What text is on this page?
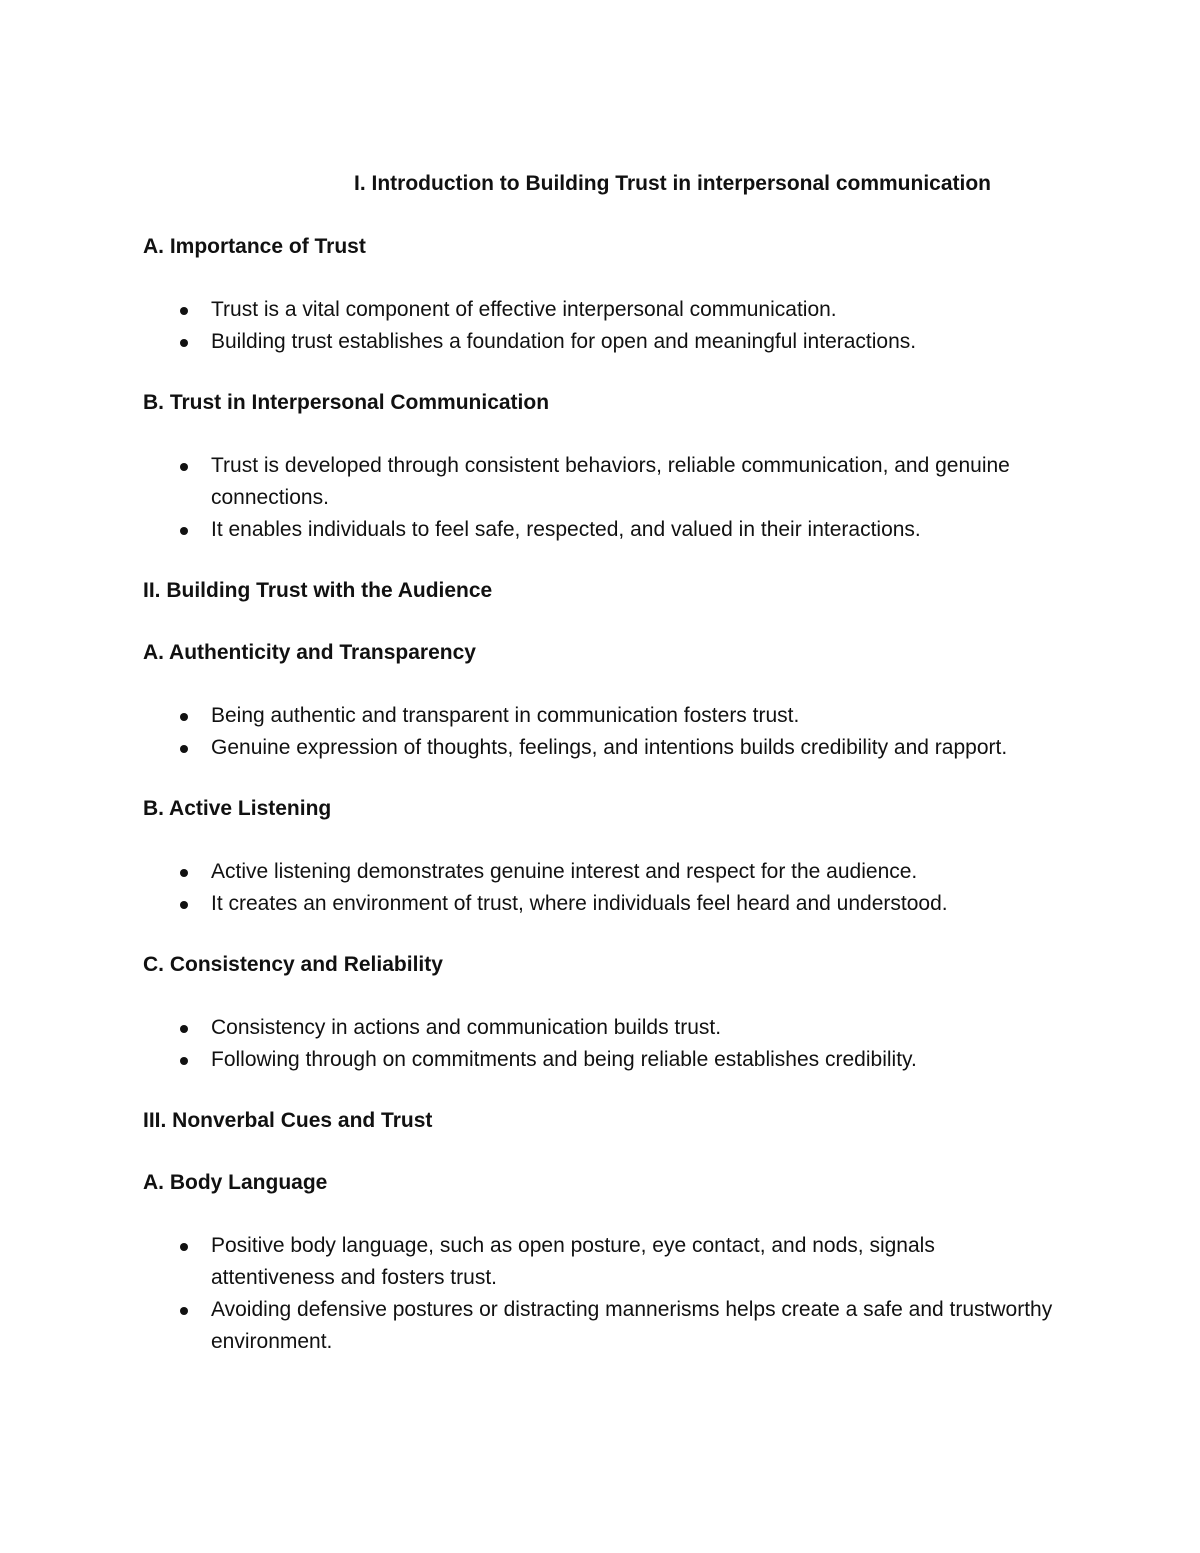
I. Introduction to Building Trust in interpersonal communication
A. Importance of Trust
Trust is a vital component of effective interpersonal communication.
Building trust establishes a foundation for open and meaningful interactions.
B. Trust in Interpersonal Communication
Trust is developed through consistent behaviors, reliable communication, and genuine connections.
It enables individuals to feel safe, respected, and valued in their interactions.
II. Building Trust with the Audience
A. Authenticity and Transparency
Being authentic and transparent in communication fosters trust.
Genuine expression of thoughts, feelings, and intentions builds credibility and rapport.
B. Active Listening
Active listening demonstrates genuine interest and respect for the audience.
It creates an environment of trust, where individuals feel heard and understood.
C. Consistency and Reliability
Consistency in actions and communication builds trust.
Following through on commitments and being reliable establishes credibility.
III. Nonverbal Cues and Trust
A. Body Language
Positive body language, such as open posture, eye contact, and nods, signals attentiveness and fosters trust.
Avoiding defensive postures or distracting mannerisms helps create a safe and trustworthy environment.
